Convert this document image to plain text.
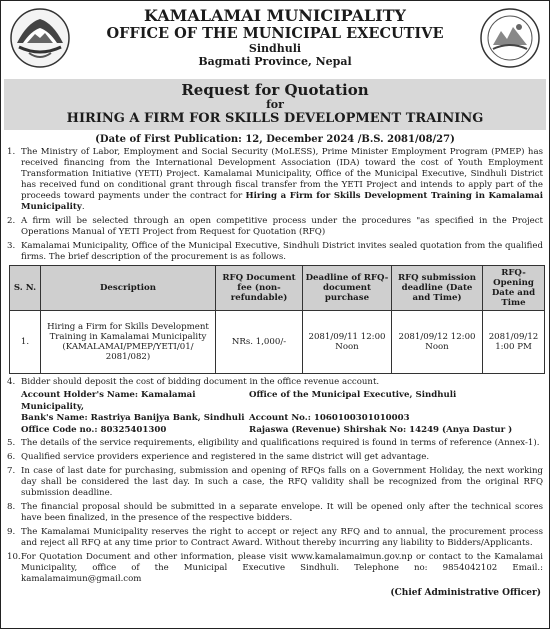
KAMALAMAI MUNICIPALITY
OFFICE OF THE MUNICIPAL EXECUTIVE
Sindhuli
Bagmati Province, Nepal
Request for Quotation
for
HIRING A FIRM FOR SKILLS DEVELOPMENT TRAINING
(Date of First Publication: 12, December 2024 /B.S. 2081/08/27)
1. The Ministry of Labor, Employment and Social Security (MoLESS), Prime Minister Employment Program (PMEP) has received financing from the International Development Association (IDA) toward the cost of Youth Employment Transformation Initiative (YETI) Project. Kamalamai Municipality, Office of the Municipal Executive, Sindhuli District has received fund on conditional grant through fiscal transfer from the YETI Project and intends to apply part of the proceeds toward payments under the contract for Hiring a Firm for Skills Development Training in Kamalamai Municipality.
2. A firm will be selected through an open competitive process under the procedures "as specified in the Project Operations Manual of YETI Project from Request for Quotation (RFQ)
3. Kamalamai Municipality, Office of the Municipal Executive, Sindhuli District invites sealed quotation from the qualified firms. The brief description of the procurement is as follows.
S. N.	Description	RFQ Document fee (non-refundable)	Deadline of RFQ-document purchase	RFQ submission deadline (Date and Time)	RFQ-Opening Date and Time
1.	Hiring a Firm for Skills Development Training in Kamalamai Municipality (KAMALAMAI/PMEP/YETI/01/ 2081/082)	NRs. 1,000/-	2081/09/11 12:00 Noon	2081/09/12 12:00 Noon	2081/09/12 1:00 PM
4. Bidder should deposit the cost of bidding document in the office revenue account.
Account Holder's Name: Kamalamai Municipality,
Office of the Municipal Executive, Sindhuli
Bank's Name: Rastriya Banijya Bank, Sindhuli Account No.: 1060100301010003
Office Code no.: 80325401300	Rajaswa (Revenue) Shirshak No: 14249 (Anya Dastur )
5. The details of the service requirements, eligibility and qualifications required is found in terms of reference (Annex-1).
6. Qualified service providers experience and registered in the same district will get advantage.
7. In case of last date for purchasing, submission and opening of RFQs falls on a Government Holiday, the next working day shall be considered the last day. In such a case, the RFQ validity shall be recognized from the original RFQ submission deadline.
8. The financial proposal should be submitted in a separate envelope. It will be opened only after the technical scores have been finalized, in the presence of the respective bidders.
9. The Kamalamai Municipality reserves the right to accept or reject any RFQ and to annual, the procurement process and reject all RFQ at any time prior to Contract Award. Without thereby incurring any liability to Bidders/Applicants.
10. For Quotation Document and other information, please visit www.kamalamaimun.gov.np or contact to the Kamalamai Municipality, office of the Municipal Executive Sindhuli. Telephone no: 9854042102 Email.: kamalamaimun@gmail.com
(Chief Administrative Officer)
